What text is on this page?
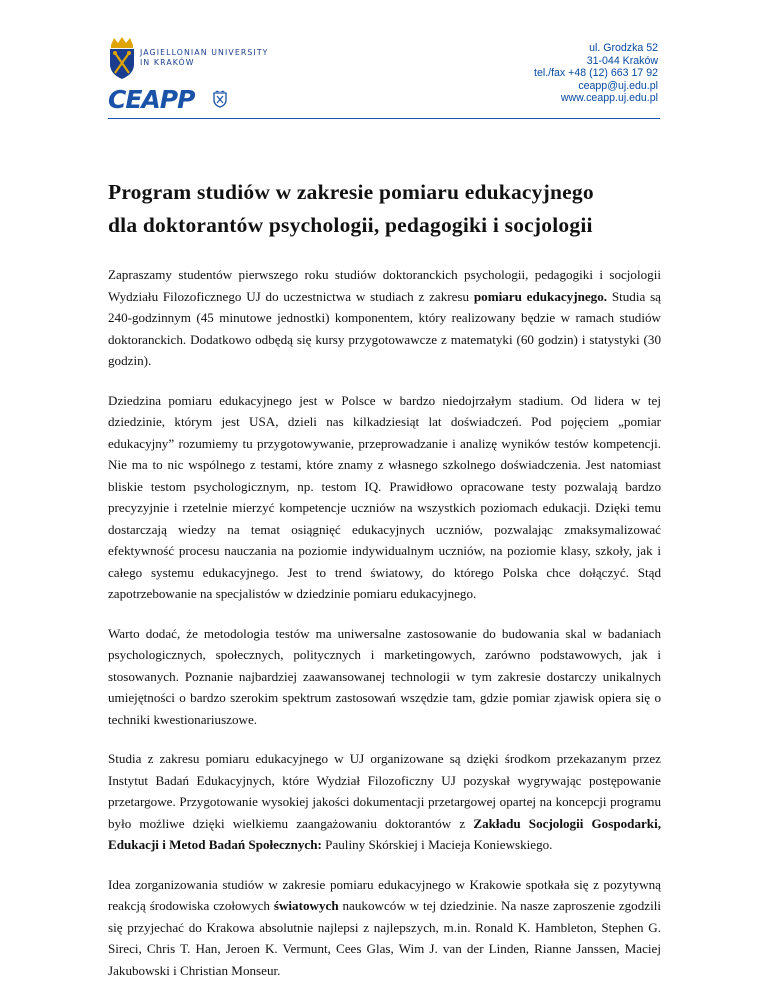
JAGIELLONIAN UNIVERSITY
IN KRAKÓW
CEAPP
ul. Grodzka 52
31-044 Kraków
tel./fax +48 (12) 663 17 92
ceapp@uj.edu.pl
www.ceapp.uj.edu.pl
Program studiów w zakresie pomiaru edukacyjnego
dla doktorantów psychologii, pedagogiki i socjologii

Zapraszamy studentów pierwszego roku studiów doktoranckich psychologii, pedagogiki i socjologii Wydziału Filozoficznego UJ do uczestnictwa w studiach z zakresu pomiaru edukacyjnego. Studia są 240-godzinnym (45 minutowe jednostki) komponentem, który realizowany będzie w ramach studiów doktoranckich. Dodatkowo odbędą się kursy przygotowawcze z matematyki (60 godzin) i statystyki (30 godzin).

Dziedzina pomiaru edukacyjnego jest w Polsce w bardzo niedojrzałym stadium. Od lidera w tej dziedzinie, którym jest USA, dzieli nas kilkadziesiąt lat doświadczeń. Pod pojęciem „pomiar edukacyjny” rozumiemy tu przygotowywanie, przeprowadzanie i analizę wyników testów kompetencji. Nie ma to nic wspólnego z testami, które znamy z własnego szkolnego doświadczenia. Jest natomiast bliskie testom psychologicznym, np. testom IQ. Prawidłowo opracowane testy pozwalają bardzo precyzyjnie i rzetelnie mierzyć kompetencje uczniów na wszystkich poziomach edukacji. Dzięki temu dostarczają wiedzy na temat osiągnięć edukacyjnych uczniów, pozwalając zmaksymalizować efektywność procesu nauczania na poziomie indywidualnym uczniów, na poziomie klasy, szkoły, jak i całego systemu edukacyjnego. Jest to trend światowy, do którego Polska chce dołączyć. Stąd zapotrzebowanie na specjalistów w dziedzinie pomiaru edukacyjnego.

Warto dodać, że metodologia testów ma uniwersalne zastosowanie do budowania skal w badaniach psychologicznych, społecznych, politycznych i marketingowych, zarówno podstawowych, jak i stosowanych. Poznanie najbardziej zaawansowanej technologii w tym zakresie dostarczy unikalnych umiejętności o bardzo szerokim spektrum zastosowań wszędzie tam, gdzie pomiar zjawisk opiera się o techniki kwestionariuszowe.

Studia z zakresu pomiaru edukacyjnego w UJ organizowane są dzięki środkom przekazanym przez Instytut Badań Edukacyjnych, które Wydział Filozoficzny UJ pozyskał wygrywając postępowanie przetargowe. Przygotowanie wysokiej jakości dokumentacji przetargowej opartej na koncepcji programu było możliwe dzięki wielkiemu zaangażowaniu doktorantów z Zakładu Socjologii Gospodarki, Edukacji i Metod Badań Społecznych: Pauliny Skórskiej i Macieja Koniewskiego.

Idea zorganizowania studiów w zakresie pomiaru edukacyjnego w Krakowie spotkała się z pozytywną reakcją środowiska czołowych światowych naukowców w tej dziedzinie. Na nasze zaproszenie zgodzili się przyjechać do Krakowa absolutnie najlepsi z najlepszych, m.in. Ronald K. Hambleton, Stephen G. Sireci, Chris T. Han, Jeroen K. Vermunt, Cees Glas, Wim J. van der Linden, Rianne Janssen, Maciej Jakubowski i Christian Monseur.
